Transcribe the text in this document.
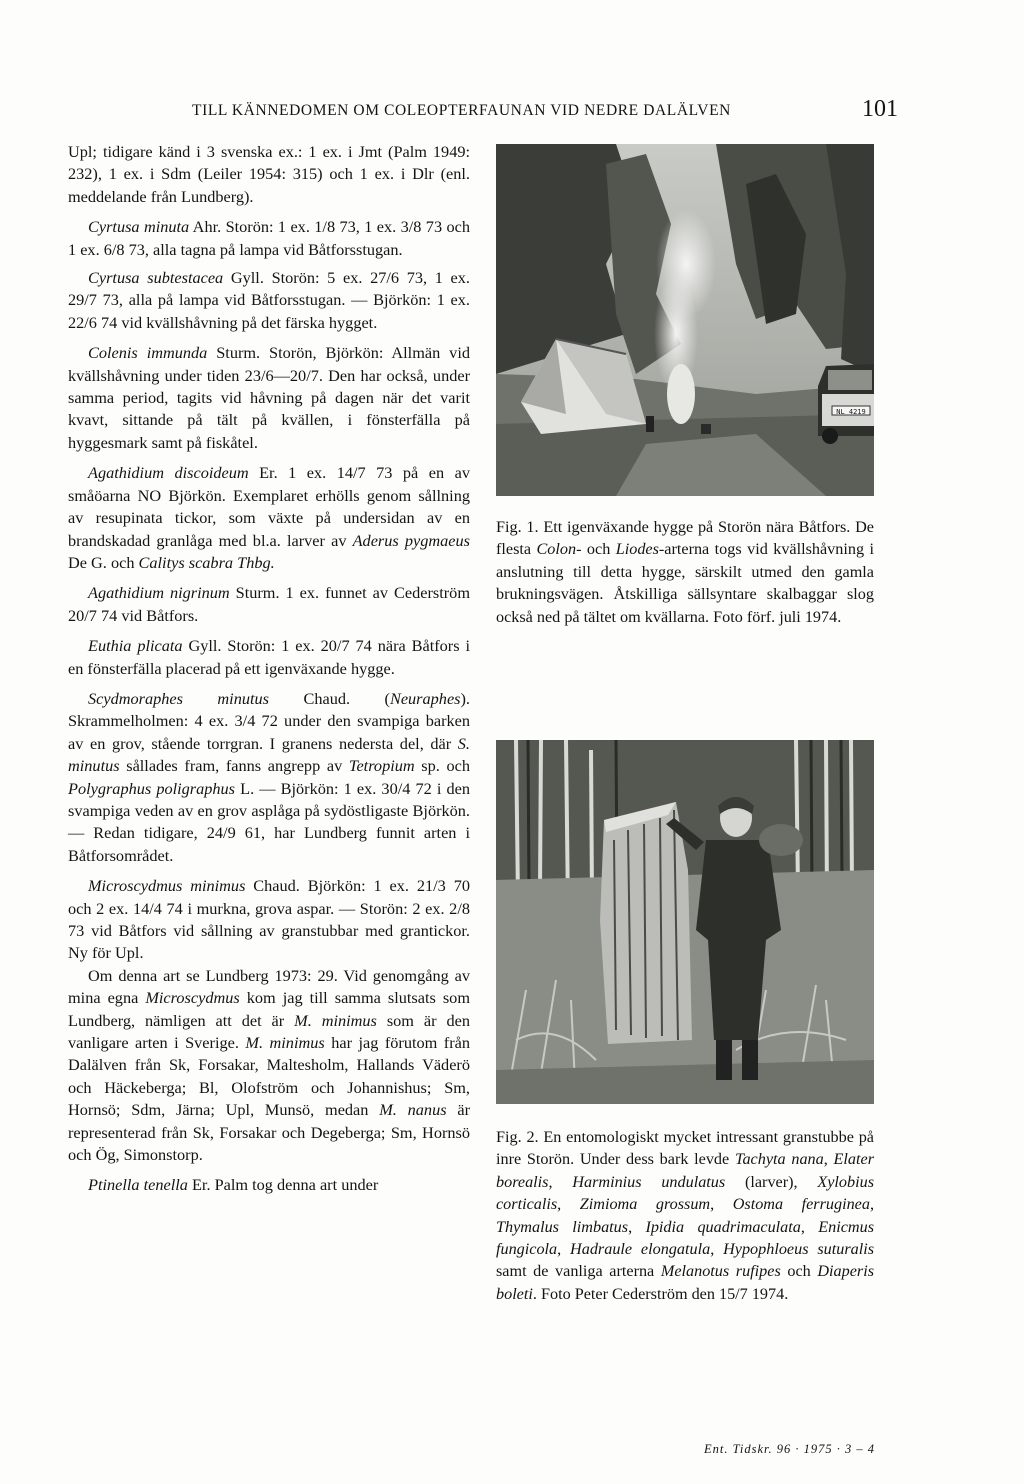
TILL KÄNNEDOMEN OM COLEOPTERFAUNAN VID NEDRE DALÄLVEN	101

Upl; tidigare känd i 3 svenska ex.: 1 ex. i Jmt (Palm 1949: 232), 1 ex. i Sdm (Leiler 1954: 315) och 1 ex. i Dlr (enl. meddelande från Lundberg).

Cyrtusa minuta Ahr. Storön: 1 ex. 1/8 73, 1 ex. 3/8 73 och 1 ex. 6/8 73, alla tagna på lampa vid Båtforsstugan.

Cyrtusa subtestacea Gyll. Storön: 5 ex. 27/6 73, 1 ex. 29/7 73, alla på lampa vid Båtforsstugan. — Björkön: 1 ex. 22/6 74 vid kvällshåvning på det färska hygget.

Colenis immunda Sturm. Storön, Björkön: Allmän vid kvällshåvning under tiden 23/6—20/7. Den har också, under samma period, tagits vid håvning på dagen när det varit kvavt, sittande på tält på kvällen, i fönsterfälla på hyggesmark samt på fiskåtel.

Agathidium discoideum Er. 1 ex. 14/7 73 på en av småöarna NO Björkön. Exemplaret erhölls genom sållning av resupinata tickor, som växte på undersidan av en brandskadad granlåga med bl.a. larver av Aderus pygmaeus De G. och Calitys scabra Thbg.

Agathidium nigrinum Sturm. 1 ex. funnet av Cederström 20/7 74 vid Båtfors.

Euthia plicata Gyll. Storön: 1 ex. 20/7 74 nära Båtfors i en fönsterfälla placerad på ett igenväxande hygge.

Scydmoraphes minutus Chaud. (Neuraphes). Skrammelholmen: 4 ex. 3/4 72 under den svampiga barken av en grov, stående torrgran. I granens nedersta del, där S. minutus sållades fram, fanns angrepp av Tetropium sp. och Polygraphus poligraphus L. — Björkön: 1 ex. 30/4 72 i den svampiga veden av en grov asplåga på sydöstligaste Björkön. — Redan tidigare, 24/9 61, har Lundberg funnit arten i Båtforsområdet.

Microscydmus minimus Chaud. Björkön: 1 ex. 21/3 70 och 2 ex. 14/4 74 i murkna, grova aspar. — Storön: 2 ex. 2/8 73 vid Båtfors vid sållning av granstubbar med grantickor. Ny för Upl.

Om denna art se Lundberg 1973: 29. Vid genomgång av mina egna Microscydmus kom jag till samma slutsats som Lundberg, nämligen att det är M. minimus som är den vanligare arten i Sverige. M. minimus har jag förutom från Dalälven från Sk, Forsakar, Maltesholm, Hallands Väderö och Häckeberga; Bl, Olofström och Johannishus; Sm, Hornsö; Sdm, Järna; Upl, Munsö, medan M. nanus är representerad från Sk, Forsakar och Degeberga; Sm, Hornsö och Ög, Simonstorp.

Ptinella tenella Er. Palm tog denna art under

NL 4219
Fig. 1. Ett igenväxande hygge på Storön nära Båtfors. De flesta Colon- och Liodes-arterna togs vid kvällshåvning i anslutning till detta hygge, särskilt utmed den gamla brukningsvägen. Åtskilliga sällsyntare skalbaggar slog också ned på tältet om kvällarna. Foto förf. juli 1974.
Fig. 2. En entomologiskt mycket intressant granstubbe på inre Storön. Under dess bark levde Tachyta nana, Elater borealis, Harminius undulatus (larver), Xylobius corticalis, Zimioma grossum, Ostoma ferruginea, Thymalus limbatus, Ipidia quadrimaculata, Enicmus fungicola, Hadraule elongatula, Hypophloeus suturalis samt de vanliga arterna Melanotus rufipes och Diaperis boleti. Foto Peter Cederström den 15/7 1974.
Ent. Tidskr. 96 · 1975 · 3 – 4
